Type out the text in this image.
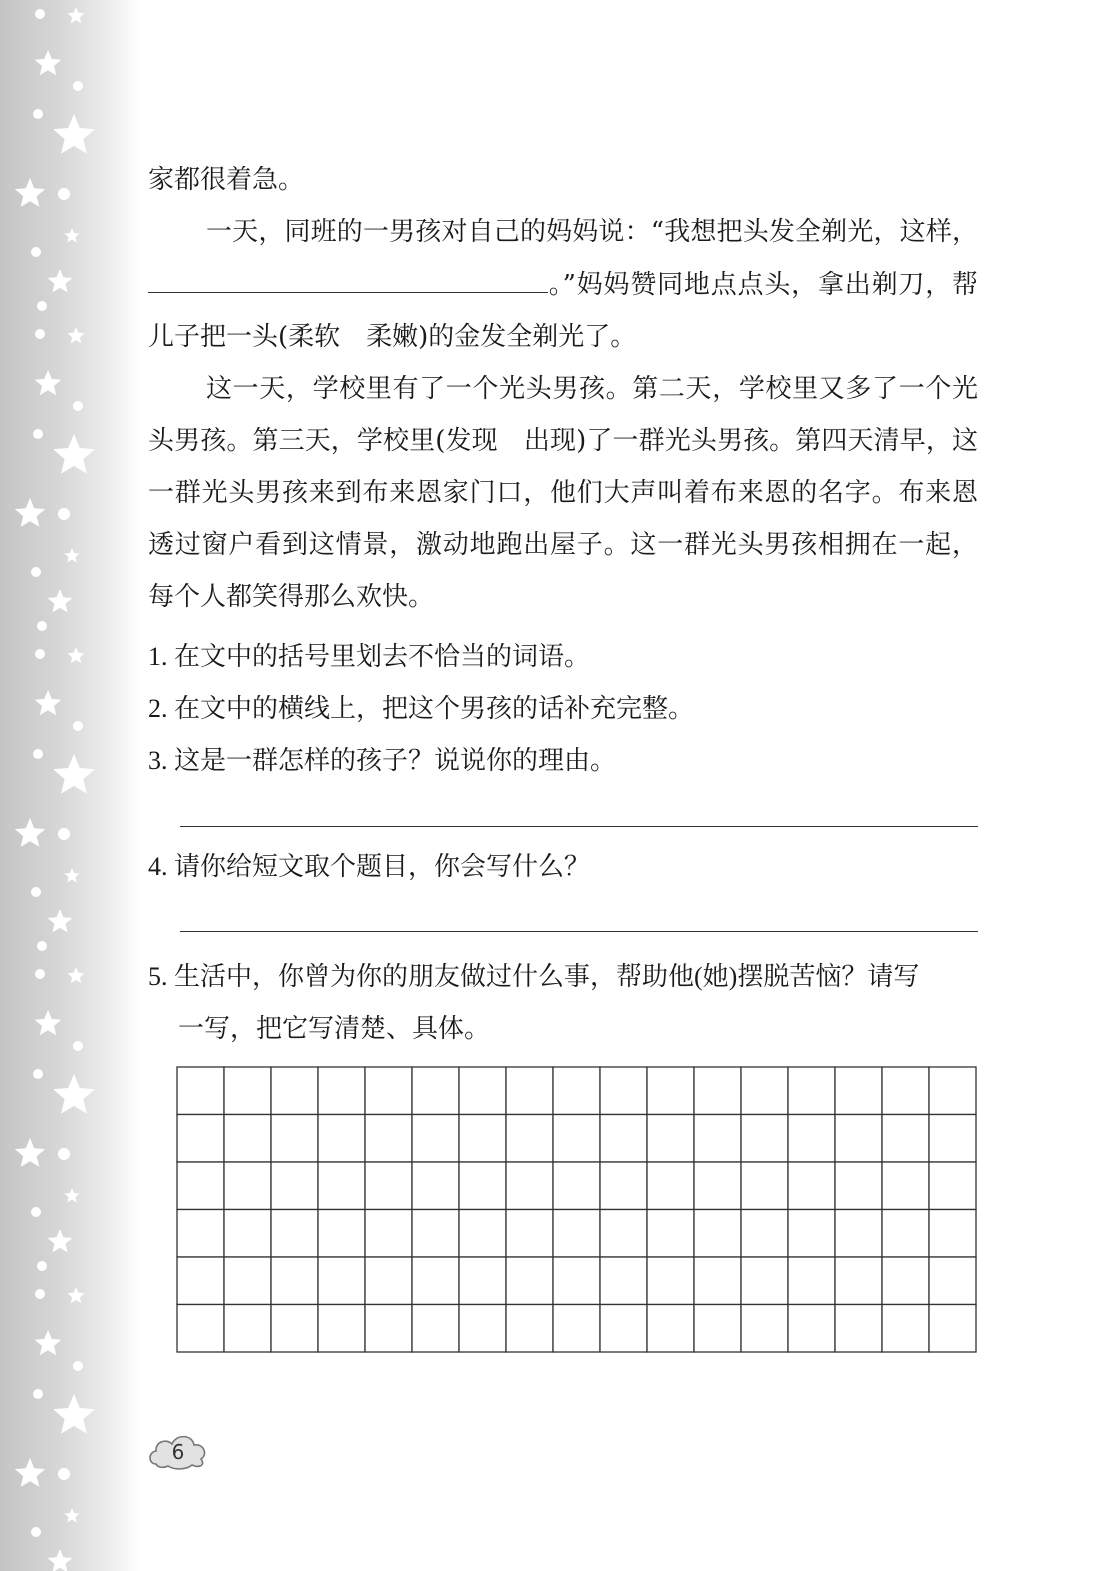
家都很着急。

一天，同班的一男孩对自己的妈妈说：“我想把头发全剃光，这样，。”妈妈赞同地点点头，拿出剃刀，帮儿子把一头(柔软　柔嫩)的金发全剃光了。

这一天，学校里有了一个光头男孩。第二天，学校里又多了一个光头男孩。第三天，学校里(发现　出现)了一群光头男孩。第四天清早，这一群光头男孩来到布来恩家门口，他们大声叫着布来恩的名字。布来恩透过窗户看到这情景，激动地跑出屋子。这一群光头男孩相拥在一起，每个人都笑得那么欢快。

1. 在文中的括号里划去不恰当的词语。
2. 在文中的横线上，把这个男孩的话补充完整。
3. 这是一群怎样的孩子？说说你的理由。
4. 请你给短文取个题目，你会写什么？
5. 生活中，你曾为你的朋友做过什么事，帮助他(她)摆脱苦恼？请写
一写，把它写清楚、具体。
6
